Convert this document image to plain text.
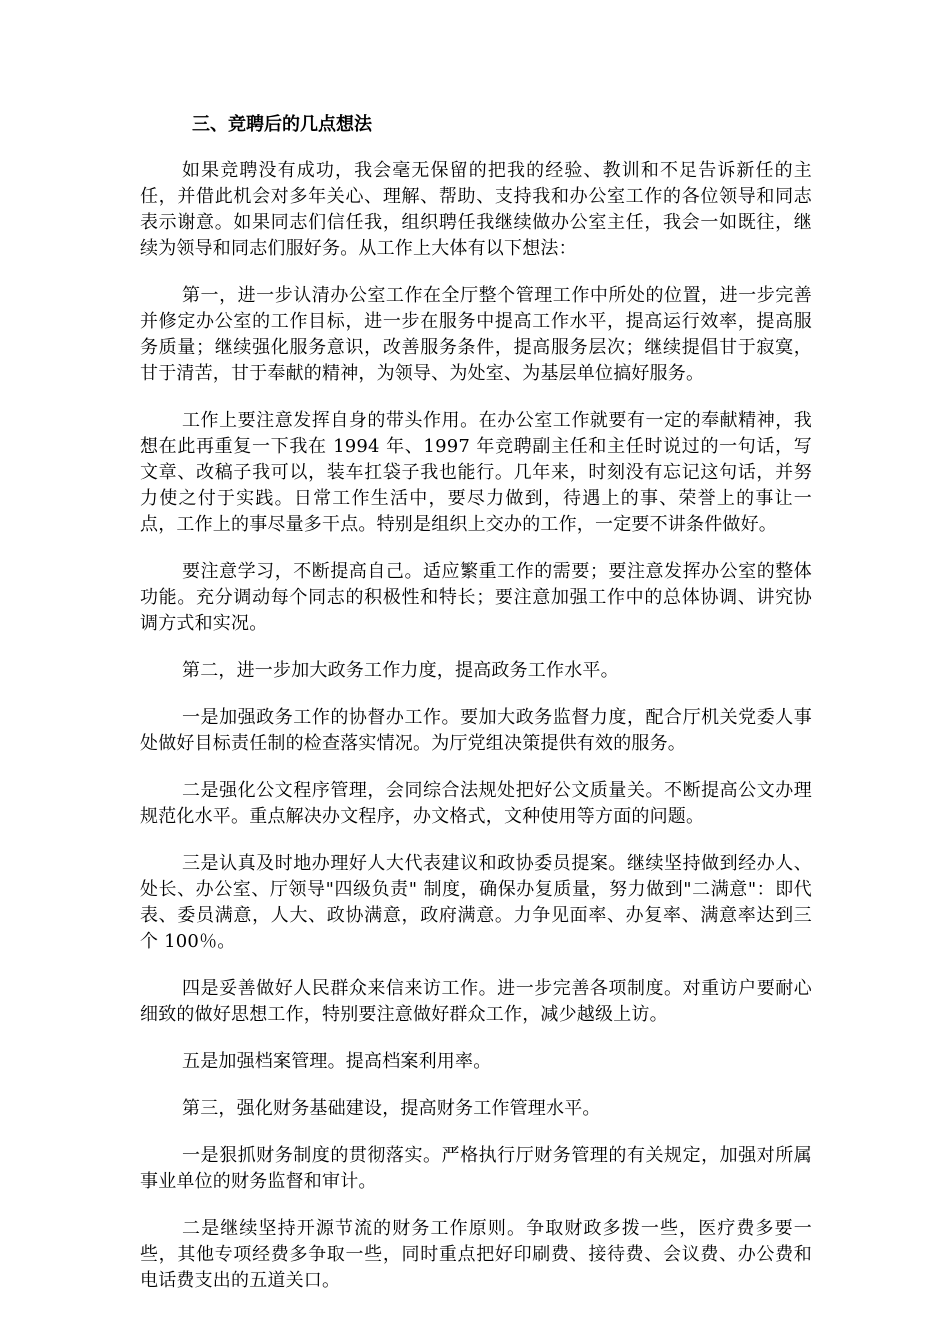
三、竞聘后的几点想法

如果竞聘没有成功，我会毫无保留的把我的经验、教训和不足告诉新任的主任，并借此机会对多年关心、理解、帮助、支持我和办公室工作的各位领导和同志表示谢意。如果同志们信任我，组织聘任我继续做办公室主任，我会一如既往，继续为领导和同志们服好务。从工作上大体有以下想法：

第一，进一步认清办公室工作在全厅整个管理工作中所处的位置，进一步完善并修定办公室的工作目标，进一步在服务中提高工作水平，提高运行效率，提高服务质量；继续强化服务意识，改善服务条件，提高服务层次；继续提倡甘于寂寞，甘于清苦，甘于奉献的精神，为领导、为处室、为基层单位搞好服务。

工作上要注意发挥自身的带头作用。在办公室工作就要有一定的奉献精神，我想在此再重复一下我在 1994 年、1997 年竞聘副主任和主任时说过的一句话，写文章、改稿子我可以，装车扛袋子我也能行。几年来，时刻没有忘记这句话，并努力使之付于实践。日常工作生活中，要尽力做到，待遇上的事、荣誉上的事让一点，工作上的事尽量多干点。特别是组织上交办的工作，一定要不讲条件做好。

要注意学习，不断提高自己。适应繁重工作的需要；要注意发挥办公室的整体功能。充分调动每个同志的积极性和特长；要注意加强工作中的总体协调、讲究协调方式和实况。

第二，进一步加大政务工作力度，提高政务工作水平。

一是加强政务工作的协督办工作。要加大政务监督力度，配合厅机关党委人事处做好目标责任制的检查落实情况。为厅党组决策提供有效的服务。

二是强化公文程序管理，会同综合法规处把好公文质量关。不断提高公文办理规范化水平。重点解决办文程序，办文格式，文种使用等方面的问题。

三是认真及时地办理好人大代表建议和政协委员提案。继续坚持做到经办人、处长、办公室、厅领导"四级负责" 制度，确保办复质量，努力做到"二满意"：即代表、委员满意，人大、政协满意，政府满意。力争见面率、办复率、满意率达到三个 100％。

四是妥善做好人民群众来信来访工作。进一步完善各项制度。对重访户要耐心细致的做好思想工作，特别要注意做好群众工作，减少越级上访。

五是加强档案管理。提高档案利用率。

第三，强化财务基础建设，提高财务工作管理水平。

一是狠抓财务制度的贯彻落实。严格执行厅财务管理的有关规定，加强对所属事业单位的财务监督和审计。

二是继续坚持开源节流的财务工作原则。争取财政多拨一些，医疗费多要一些，其他专项经费多争取一些，同时重点把好印刷费、接待费、会议费、办公费和电话费支出的五道关口。
